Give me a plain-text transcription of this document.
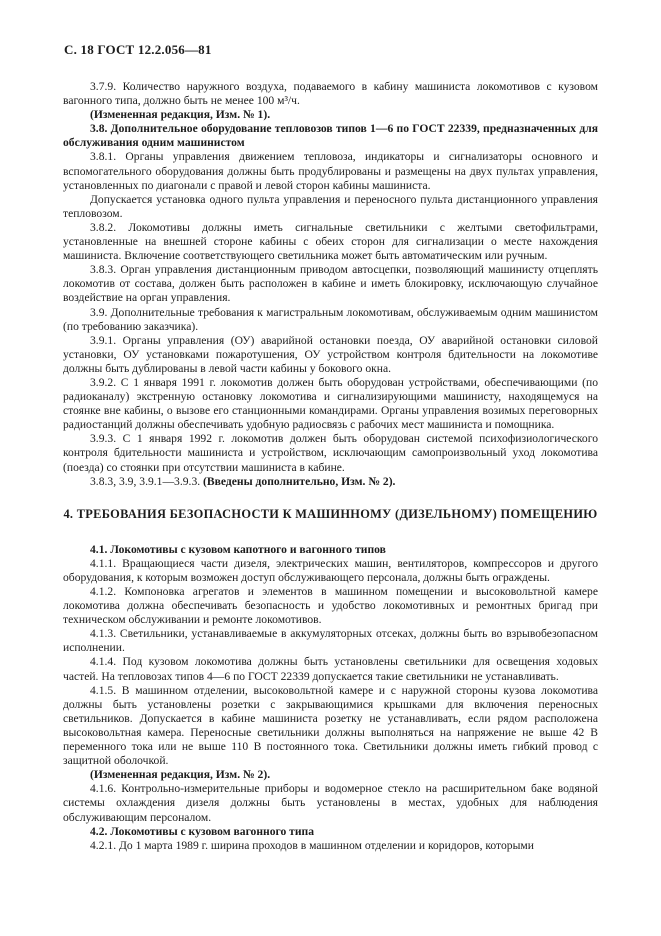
С. 18 ГОСТ 12.2.056—81

3.7.9. Количество наружного воздуха, подаваемого в кабину машиниста локомотивов с кузовом вагонного типа, должно быть не менее 100 м³/ч.

(Измененная редакция, Изм. № 1).

3.8. Дополнительное оборудование тепловозов типов 1—6 по ГОСТ 22339, предназначенных для обслуживания одним машинистом

3.8.1. Органы управления движением тепловоза, индикаторы и сигнализаторы основного и вспомогательного оборудования должны быть продублированы и размещены на двух пультах управления, установленных по диагонали с правой и левой сторон кабины машиниста.

Допускается установка одного пульта управления и переносного пульта дистанционного управления тепловозом.

3.8.2. Локомотивы должны иметь сигнальные светильники с желтыми светофильтрами, установленные на внешней стороне кабины с обеих сторон для сигнализации о месте нахождения машиниста. Включение соответствующего светильника может быть автоматическим или ручным.

3.8.3. Орган управления дистанционным приводом автосцепки, позволяющий машинисту отцеплять локомотив от состава, должен быть расположен в кабине и иметь блокировку, исключающую случайное воздействие на орган управления.

3.9. Дополнительные требования к магистральным локомотивам, обслуживаемым одним машинистом (по требованию заказчика).

3.9.1. Органы управления (ОУ) аварийной остановки поезда, ОУ аварийной остановки силовой установки, ОУ установками пожаротушения, ОУ устройством контроля бдительности на локомотиве должны быть дублированы в левой части кабины у бокового окна.

3.9.2. С 1 января 1991 г. локомотив должен быть оборудован устройствами, обеспечивающими (по радиоканалу) экстренную остановку локомотива и сигнализирующими машинисту, находящемуся на стоянке вне кабины, о вызове его станционными командирами. Органы управления возимых переговорных радиостанций должны обеспечивать удобную радиосвязь с рабочих мест машиниста и помощника.

3.9.3. С 1 января 1992 г. локомотив должен быть оборудован системой психофизиологического контроля бдительности машиниста и устройством, исключающим самопроизвольный уход локомотива (поезда) со стоянки при отсутствии машиниста в кабине.

3.8.3, 3.9, 3.9.1—3.9.3. (Введены дополнительно, Изм. № 2).

4. ТРЕБОВАНИЯ БЕЗОПАСНОСТИ К МАШИННОМУ (ДИЗЕЛЬНОМУ) ПОМЕЩЕНИЮ

4.1. Локомотивы с кузовом капотного и вагонного типов

4.1.1. Вращающиеся части дизеля, электрических машин, вентиляторов, компрессоров и другого оборудования, к которым возможен доступ обслуживающего персонала, должны быть ограждены.

4.1.2. Компоновка агрегатов и элементов в машинном помещении и высоковольтной камере локомотива должна обеспечивать безопасность и удобство локомотивных и ремонтных бригад при техническом обслуживании и ремонте локомотивов.

4.1.3. Светильники, устанавливаемые в аккумуляторных отсеках, должны быть во взрывобезопасном исполнении.

4.1.4. Под кузовом локомотива должны быть установлены светильники для освещения ходовых частей. На тепловозах типов 4—6 по ГОСТ 22339 допускается такие светильники не устанавливать.

4.1.5. В машинном отделении, высоковольтной камере и с наружной стороны кузова локомотива должны быть установлены розетки с закрывающимися крышками для включения переносных светильников. Допускается в кабине машиниста розетку не устанавливать, если рядом расположена высоковольтная камера. Переносные светильники должны выполняться на напряжение не выше 42 В переменного тока или не выше 110 В постоянного тока. Светильники должны иметь гибкий провод с защитной оболочкой.

(Измененная редакция, Изм. № 2).

4.1.6. Контрольно-измерительные приборы и водомерное стекло на расширительном баке водяной системы охлаждения дизеля должны быть установлены в местах, удобных для наблюдения обслуживающим персоналом.

4.2. Локомотивы с кузовом вагонного типа

4.2.1. До 1 марта 1989 г. ширина проходов в машинном отделении и коридоров, которыми
